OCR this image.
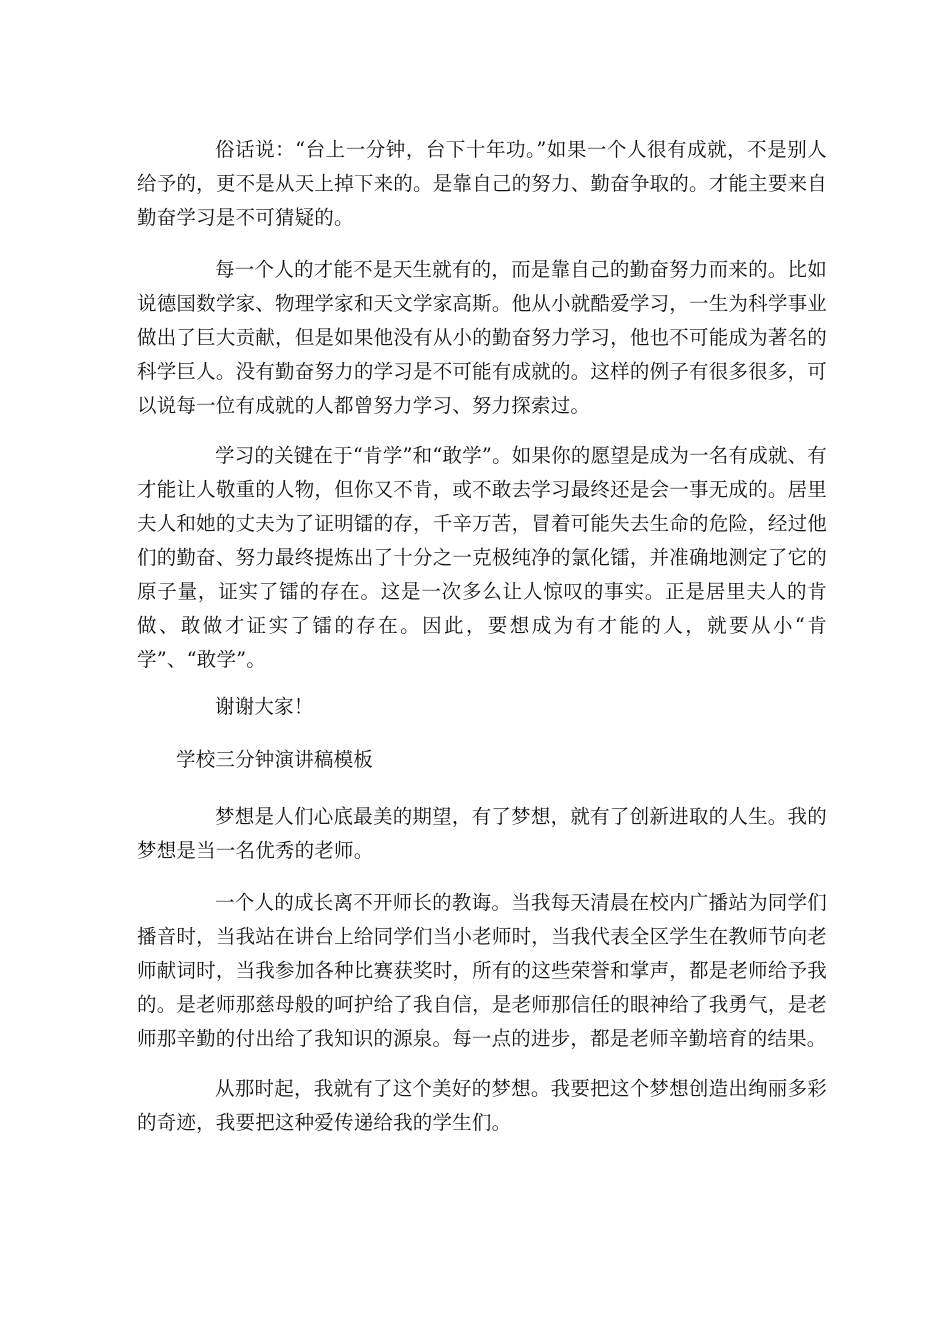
俗话说：“台上一分钟，台下十年功。”如果一个人很有成就，不是别人给予的，更不是从天上掉下来的。是靠自己的努力、勤奋争取的。才能主要来自勤奋学习是不可猜疑的。

每一个人的才能不是天生就有的，而是靠自己的勤奋努力而来的。比如说德国数学家、物理学家和天文学家高斯。他从小就酷爱学习，一生为科学事业做出了巨大贡献，但是如果他没有从小的勤奋努力学习，他也不可能成为著名的科学巨人。没有勤奋努力的学习是不可能有成就的。这样的例子有很多很多，可以说每一位有成就的人都曾努力学习、努力探索过。

学习的关键在于“肯学”和“敢学”。如果你的愿望是成为一名有成就、有才能让人敬重的人物，但你又不肯，或不敢去学习最终还是会一事无成的。居里夫人和她的丈夫为了证明镭的存，千辛万苦，冒着可能失去生命的危险，经过他们的勤奋、努力最终提炼出了十分之一克极纯净的氯化镭，并准确地测定了它的原子量，证实了镭的存在。这是一次多么让人惊叹的事实。正是居里夫人的肯做、敢做才证实了镭的存在。因此，要想成为有才能的人，就要从小“肯学”、“敢学”。

谢谢大家！

学校三分钟演讲稿模板

梦想是人们心底最美的期望，有了梦想，就有了创新进取的人生。我的梦想是当一名优秀的老师。

一个人的成长离不开师长的教诲。当我每天清晨在校内广播站为同学们播音时，当我站在讲台上给同学们当小老师时，当我代表全区学生在教师节向老师献词时，当我参加各种比赛获奖时，所有的这些荣誉和掌声，都是老师给予我的。是老师那慈母般的呵护给了我自信，是老师那信任的眼神给了我勇气，是老师那辛勤的付出给了我知识的源泉。每一点的进步，都是老师辛勤培育的结果。

从那时起，我就有了这个美好的梦想。我要把这个梦想创造出绚丽多彩的奇迹，我要把这种爱传递给我的学生们。
